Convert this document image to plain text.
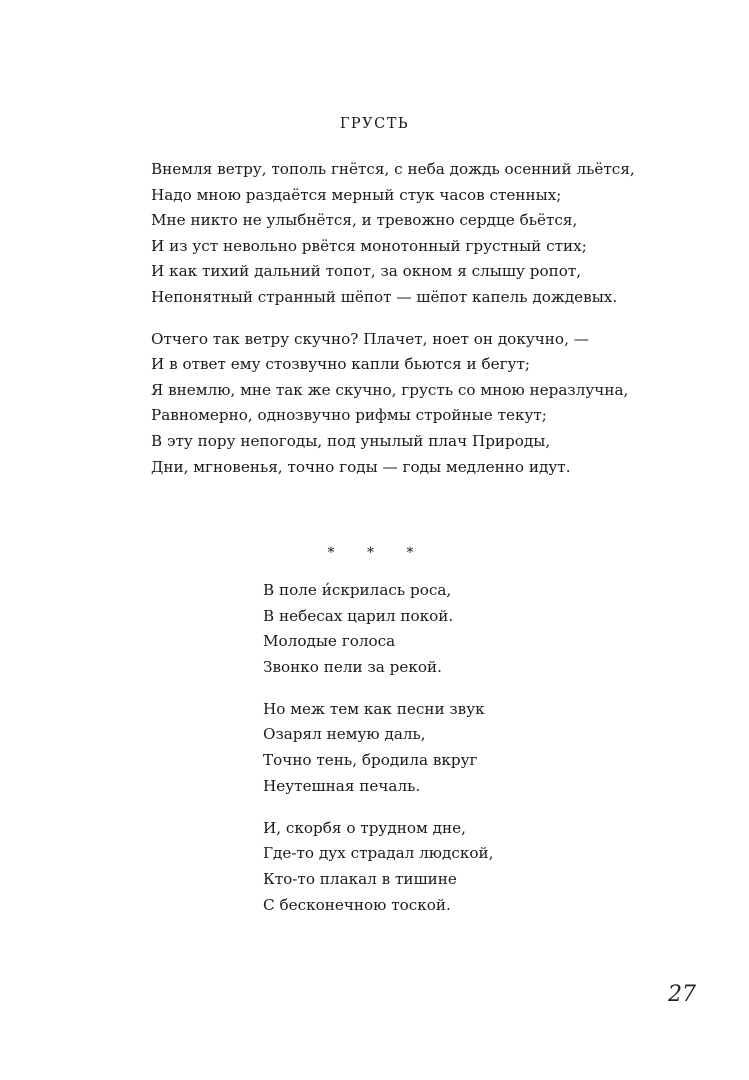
ГРУСТЬ
Внемля ветру, тополь гнётся, с неба дождь осенний льётся,
Надо мною раздаётся мерный стук часов стенных;
Мне никто не улыбнётся, и тревожно сердце бьётся,
И из уст невольно рвётся монотонный грустный стих;
И как тихий дальний топот, за окном я слышу ропот,
Непонятный странный шёпот — шёпот капель дождевых.
Отчего так ветру скучно? Плачет, ноет он докучно, —
И в ответ ему стозвучно капли бьются и бегут;
Я внемлю, мне так же скучно, грусть со мною неразлучна,
Равномерно, однозвучно рифмы стройные текут;
В эту пору непогоды, под унылый плач Природы,
Дни, мгновенья, точно годы — годы медленно идут.
* * *
В поле и́скрилась роса,
В небесах царил покой.
Молодые голоса
Звонко пели за рекой.
Но меж тем как песни звук
Озарял немую даль,
Точно тень, бродила вкруг
Неутешная печаль.
И, скорбя о трудном дне,
Где-то дух страдал людской,
Кто-то плакал в тишине
С бесконечною тоской.
27
